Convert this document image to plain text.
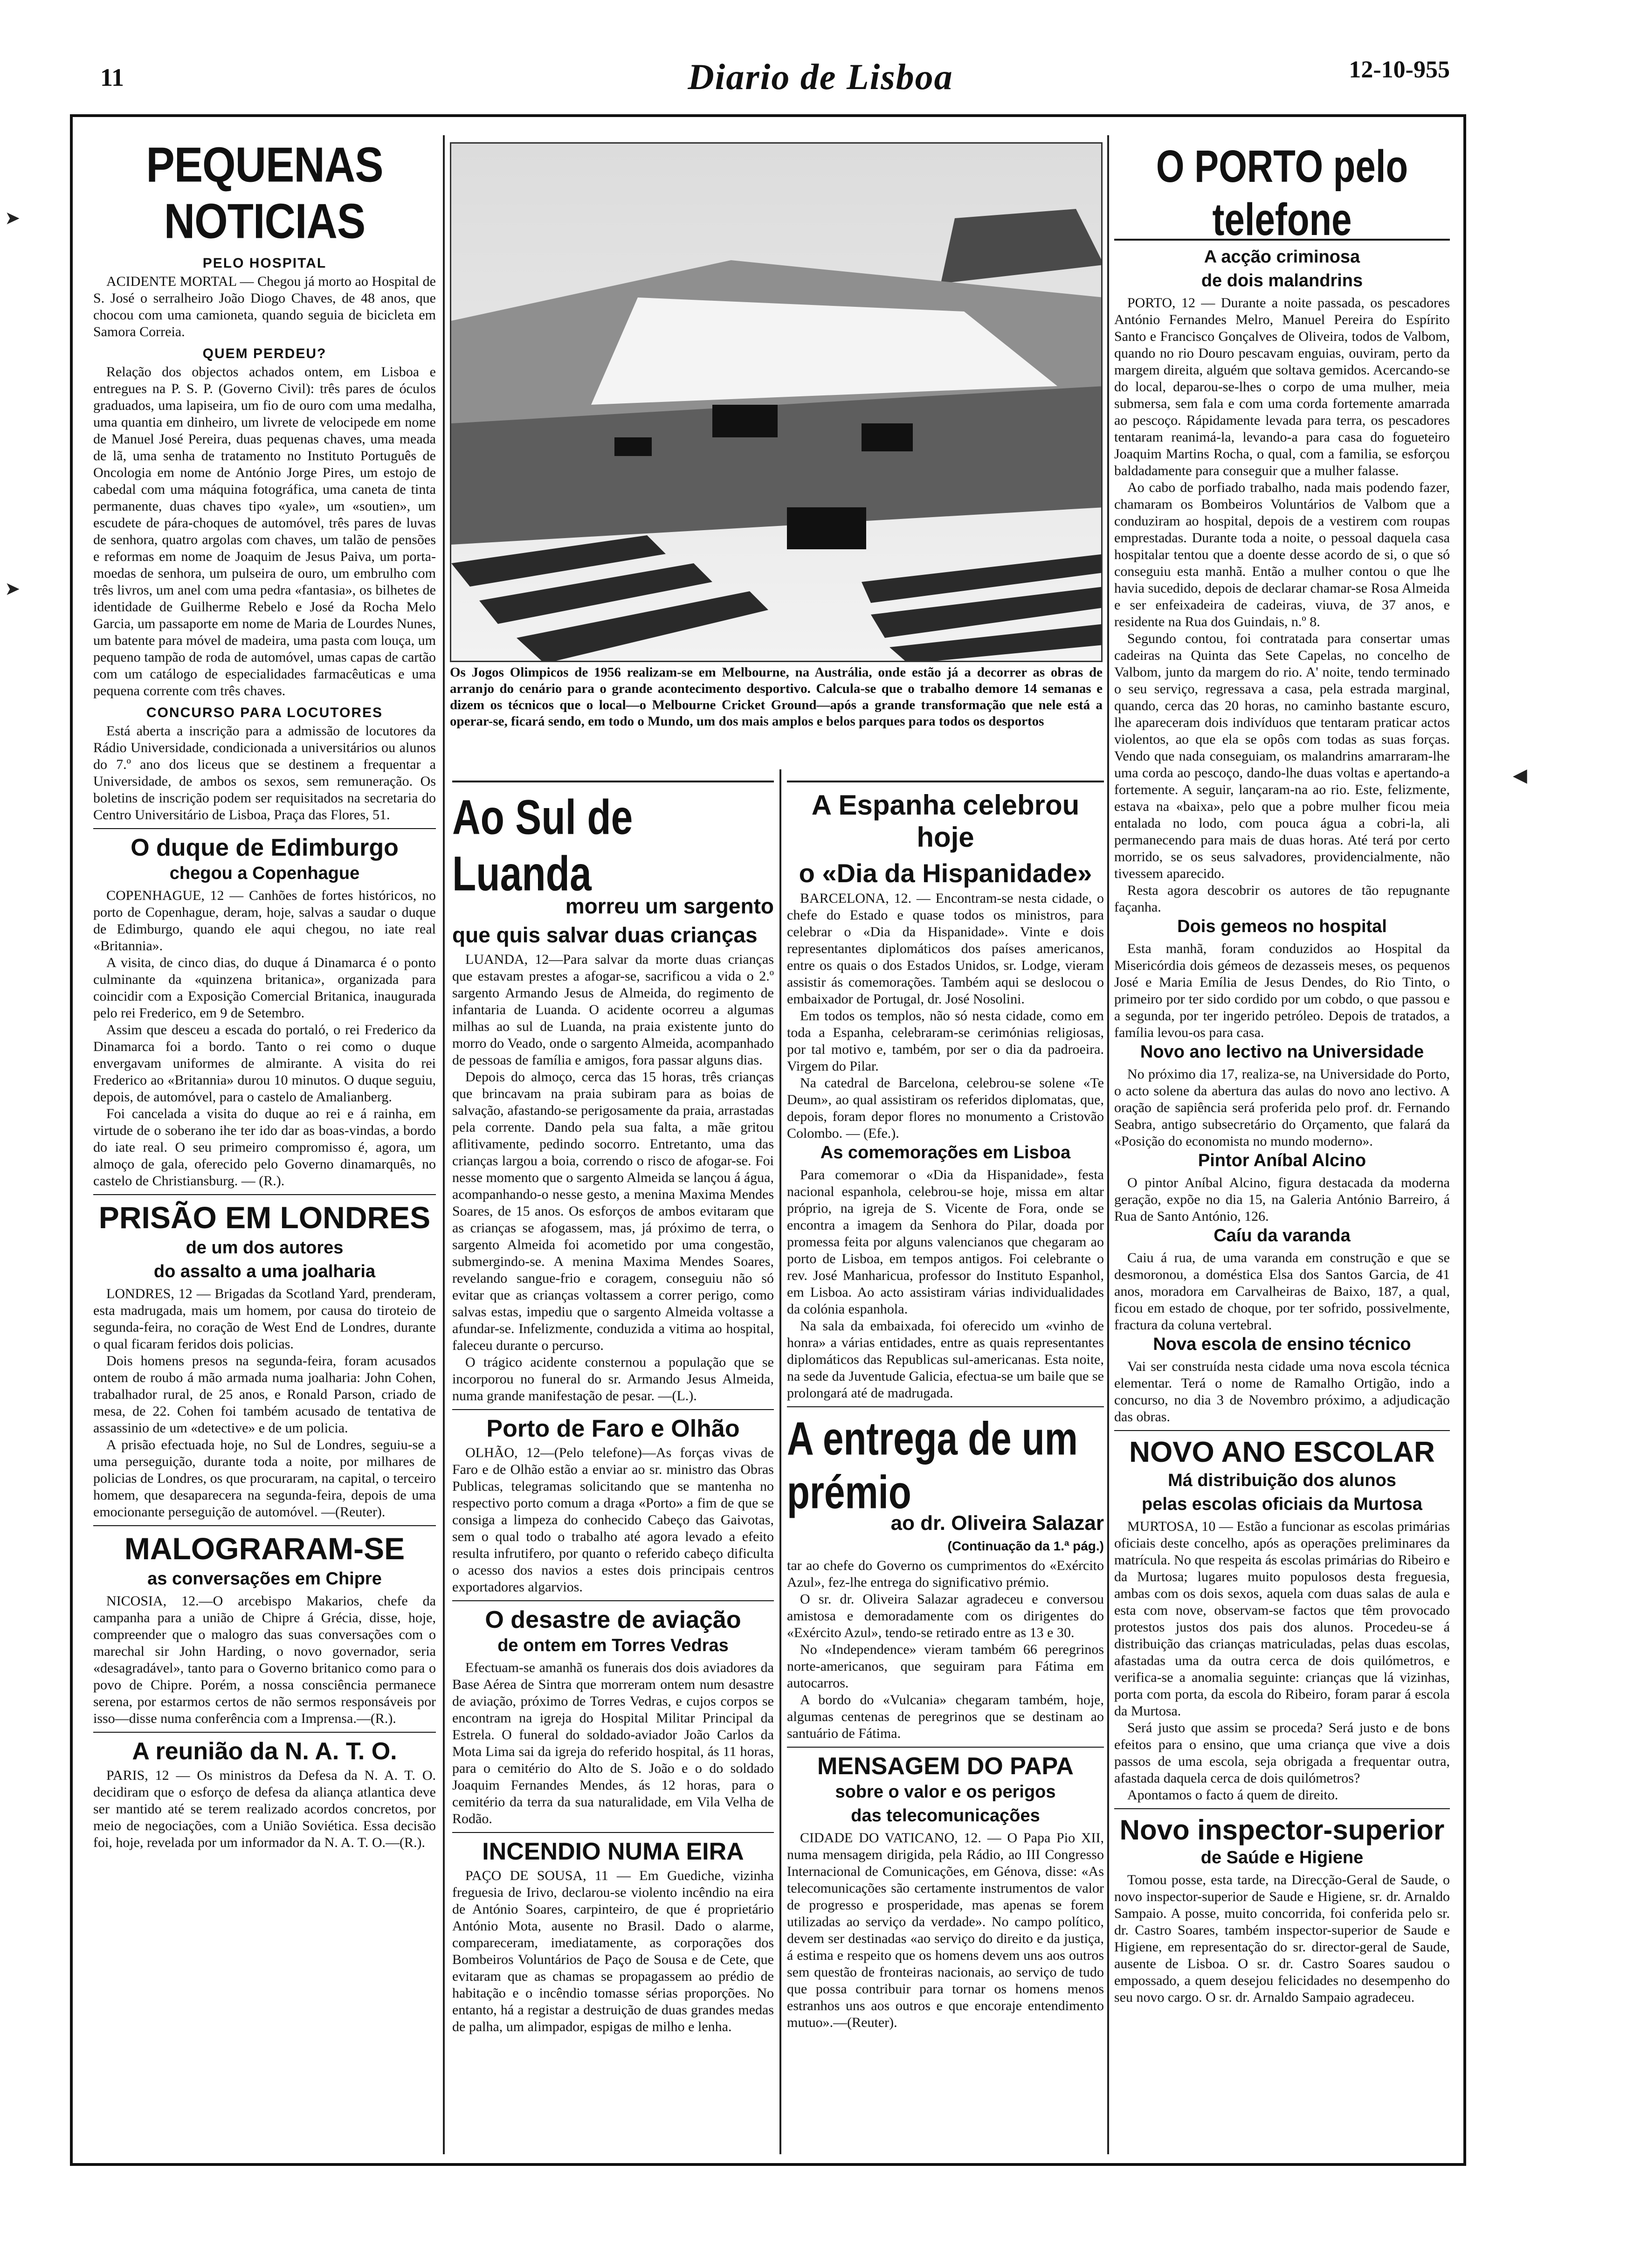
11	Diario de Lisboa	12-10-955
PEQUENAS NOTICIAS
PELO HOSPITAL

ACIDENTE MORTAL — Chegou já morto ao Hospital de S. José o serralheiro João Diogo Chaves, de 48 anos, que chocou com uma camioneta, quando seguia de bicicleta em Samora Correia.

QUEM PERDEU?

Relação dos objectos achados ontem, em Lisboa e entregues na P. S. P. (Governo Civil): três pares de óculos graduados, uma lapiseira, um fio de ouro com uma medalha, uma quantia em dinheiro, um livrete de velocipede em nome de Manuel José Pereira, duas pequenas chaves, uma meada de lã, uma senha de tratamento no Instituto Português de Oncologia em nome de António Jorge Pires, um estojo de cabedal com uma máquina fotográfica, uma caneta de tinta permanente, duas chaves tipo «yale», um «soutien», um escudete de pára-choques de automóvel, três pares de luvas de senhora, quatro argolas com chaves, um talão de pensões e reformas em nome de Joaquim de Jesus Paiva, um porta-moedas de senhora, um pulseira de ouro, um embrulho com três livros, um anel com uma pedra «fantasia», os bilhetes de identidade de Guilherme Rebelo e José da Rocha Melo Garcia, um passaporte em nome de Maria de Lourdes Nunes, um batente para móvel de madeira, uma pasta com louça, um pequeno tampão de roda de automóvel, umas capas de cartão com um catálogo de especialidades farmacêuticas e uma pequena corrente com três chaves.

CONCURSO PARA LOCUTORES

Está aberta a inscrição para a admissão de locutores da Rádio Universidade, condicionada a universitários ou alunos do 7.º ano dos liceus que se destinem a frequentar a Universidade, de ambos os sexos, sem remuneração. Os boletins de inscrição podem ser requisitados na secretaria do Centro Universitário de Lisboa, Praça das Flores, 51.

O duque de Edimburgo
chegou a Copenhague

COPENHAGUE, 12 — Canhões de fortes históricos, no porto de Copenhague, deram, hoje, salvas a saudar o duque de Edimburgo, quando ele aqui chegou, no iate real «Britannia».

A visita, de cinco dias, do duque á Dinamarca é o ponto culminante da «quinzena britanica», organizada para coincidir com a Exposição Comercial Britanica, inaugurada pelo rei Frederico, em 9 de Setembro.

Assim que desceu a escada do portaló, o rei Frederico da Dinamarca foi a bordo. Tanto o rei como o duque envergavam uniformes de almirante. A visita do rei Frederico ao «Britannia» durou 10 minutos. O duque seguiu, depois, de automóvel, para o castelo de Amalianberg.

Foi cancelada a visita do duque ao rei e á rainha, em virtude de o soberano ihe ter ido dar as boas-vindas, a bordo do iate real. O seu primeiro compromisso é, agora, um almoço de gala, oferecido pelo Governo dinamarquês, no castelo de Christiansburg. — (R.).

PRISÃO EM LONDRES
de um dos autores
do assalto a uma joalharia

LONDRES, 12 — Brigadas da Scotland Yard, prenderam, esta madrugada, mais um homem, por causa do tiroteio de segunda-feira, no coração de West End de Londres, durante o qual ficaram feridos dois policias.

Dois homens presos na segunda-feira, foram acusados ontem de roubo á mão armada numa joalharia: John Cohen, trabalhador rural, de 25 anos, e Ronald Parson, criado de mesa, de 22. Cohen foi também acusado de tentativa de assassinio de um «detective» e de um policia.

A prisão efectuada hoje, no Sul de Londres, seguiu-se a uma perseguição, durante toda a noite, por milhares de policias de Londres, os que procuraram, na capital, o terceiro homem, que desaparecera na segunda-feira, depois de uma emocionante perseguição de automóvel. —(Reuter).

MALOGRARAM-SE
as conversações em Chipre

NICOSIA, 12.—O arcebispo Makarios, chefe da campanha para a união de Chipre á Grécia, disse, hoje, compreender que o malogro das suas conversações com o marechal sir John Harding, o novo governador, seria «desagradável», tanto para o Governo britanico como para o povo de Chipre. Porém, a nossa consciência permanece serena, por estarmos certos de não sermos responsáveis por isso—disse numa conferência com a Imprensa.—(R.).

A reunião da N. A. T. O.

PARIS, 12 — Os ministros da Defesa da N. A. T. O. decidiram que o esforço de defesa da aliança atlantica deve ser mantido até se terem realizado acordos concretos, por meio de negociações, com a União Soviética. Essa decisão foi, hoje, revelada por um informador da N. A. T. O.—(R.).

Os Jogos Olimpicos de 1956 realizam-se em Melbourne, na Austrália, onde estão já a decorrer as obras de arranjo do cenário para o grande acontecimento desportivo. Calcula-se que o trabalho demore 14 semanas e dizem os técnicos que o local—o Melbourne Cricket Ground—após a grande transformação que nele está a operar-se, ficará sendo, em todo o Mundo, um dos mais amplos e belos parques para todos os desportos
Ao Sul de Luanda
morreu um sargento
que quis salvar duas crianças

LUANDA, 12—Para salvar da morte duas crianças que estavam prestes a afogar-se, sacrificou a vida o 2.º sargento Armando Jesus de Almeida, do regimento de infantaria de Luanda. O acidente ocorreu a algumas milhas ao sul de Luanda, na praia existente junto do morro do Veado, onde o sargento Almeida, acompanhado de pessoas de família e amigos, fora passar alguns dias.

Depois do almoço, cerca das 15 horas, três crianças que brincavam na praia subiram para as boias de salvação, afastando-se perigosamente da praia, arrastadas pela corrente. Dando pela sua falta, a mãe gritou aflitivamente, pedindo socorro. Entretanto, uma das crianças largou a boia, correndo o risco de afogar-se. Foi nesse momento que o sargento Almeida se lançou á água, acompanhando-o nesse gesto, a menina Maxima Mendes Soares, de 15 anos. Os esforços de ambos evitaram que as crianças se afogassem, mas, já próximo de terra, o sargento Almeida foi acometido por uma congestão, submergindo-se. A menina Maxima Mendes Soares, revelando sangue-frio e coragem, conseguiu não só evitar que as crianças voltassem a correr perigo, como salvas estas, impediu que o sargento Almeida voltasse a afundar-se. Infelizmente, conduzida a vitima ao hospital, faleceu durante o percurso.

O trágico acidente consternou a população que se incorporou no funeral do sr. Armando Jesus Almeida, numa grande manifestação de pesar. —(L.).

Porto de Faro e Olhão

OLHÃO, 12—(Pelo telefone)—As forças vivas de Faro e de Olhão estão a enviar ao sr. ministro das Obras Publicas, telegramas solicitando que se mantenha no respectivo porto comum a draga «Porto» a fim de que se consiga a limpeza do conhecido Cabeço das Gaivotas, sem o qual todo o trabalho até agora levado a efeito resulta infrutifero, por quanto o referido cabeço dificulta o acesso dos navios a estes dois principais centros exportadores algarvios.

O desastre de aviação
de ontem em Torres Vedras

Efectuam-se amanhã os funerais dos dois aviadores da Base Aérea de Sintra que morreram ontem num desastre de aviação, próximo de Torres Vedras, e cujos corpos se encontram na igreja do Hospital Militar Principal da Estrela. O funeral do soldado-aviador João Carlos da Mota Lima sai da igreja do referido hospital, ás 11 horas, para o cemitério do Alto de S. João e o do soldado Joaquim Fernandes Mendes, ás 12 horas, para o cemitério da terra da sua naturalidade, em Vila Velha de Rodão.

INCENDIO NUMA EIRA

PAÇO DE SOUSA, 11 — Em Guediche, vizinha freguesia de Irivo, declarou-se violento incêndio na eira de António Soares, carpinteiro, de que é proprietário António Mota, ausente no Brasil. Dado o alarme, compareceram, imediatamente, as corporações dos Bombeiros Voluntários de Paço de Sousa e de Cete, que evitaram que as chamas se propagassem ao prédio de habitação e o incêndio tomasse sérias proporções. No entanto, há a registar a destruição de duas grandes medas de palha, um alimpador, espigas de milho e lenha.

A Espanha celebrou hoje
o «Dia da Hispanidade»

BARCELONA, 12. — Encontram-se nesta cidade, o chefe do Estado e quase todos os ministros, para celebrar o «Dia da Hispanidade». Vinte e dois representantes diplomáticos dos países americanos, entre os quais o dos Estados Unidos, sr. Lodge, vieram assistir ás comemorações. Também aqui se deslocou o embaixador de Portugal, dr. José Nosolini.

Em todos os templos, não só nesta cidade, como em toda a Espanha, celebraram-se cerimónias religiosas, por tal motivo e, também, por ser o dia da padroeira. Virgem do Pilar.

Na catedral de Barcelona, celebrou-se solene «Te Deum», ao qual assistiram os referidos diplomatas, que, depois, foram depor flores no monumento a Cristovão Colombo. — (Efe.).

As comemorações em Lisboa

Para comemorar o «Dia da Hispanidade», festa nacional espanhola, celebrou-se hoje, missa em altar próprio, na igreja de S. Vicente de Fora, onde se encontra a imagem da Senhora do Pilar, doada por promessa feita por alguns valencianos que chegaram ao porto de Lisboa, em tempos antigos. Foi celebrante o rev. José Manharicua, professor do Instituto Espanhol, em Lisboa. Ao acto assistiram várias individualidades da colónia espanhola.

Na sala da embaixada, foi oferecido um «vinho de honra» a várias entidades, entre as quais representantes diplomáticos das Republicas sul-americanas. Esta noite, na sede da Juventude Galicia, efectua-se um baile que se prolongará até de madrugada.

A entrega de um prémio
ao dr. Oliveira Salazar
(Continuação da 1.ª pág.)

tar ao chefe do Governo os cumprimentos do «Exército Azul», fez-lhe entrega do significativo prémio.

O sr. dr. Oliveira Salazar agradeceu e conversou amistosa e demoradamente com os dirigentes do «Exército Azul», tendo-se retirado entre as 13 e 30.

No «Independence» vieram também 66 peregrinos norte-americanos, que seguiram para Fátima em autocarros.

A bordo do «Vulcania» chegaram também, hoje, algumas centenas de peregrinos que se destinam ao santuário de Fátima.

MENSAGEM DO PAPA
sobre o valor e os perigos
das telecomunicações

CIDADE DO VATICANO, 12. — O Papa Pio XII, numa mensagem dirigida, pela Rádio, ao III Congresso Internacional de Comunicações, em Génova, disse: «As telecomunicações são certamente instrumentos de valor de progresso e prosperidade, mas apenas se forem utilizadas ao serviço da verdade». No campo político, devem ser destinadas «ao serviço do direito e da justiça, á estima e respeito que os homens devem uns aos outros sem questão de fronteiras nacionais, ao serviço de tudo que possa contribuir para tornar os homens menos estranhos uns aos outros e que encoraje entendimento mutuo».—(Reuter).

O PORTO pelo telefone
A acção criminosa
de dois malandrins

PORTO, 12 — Durante a noite passada, os pescadores António Fernandes Melro, Manuel Pereira do Espírito Santo e Francisco Gonçalves de Oliveira, todos de Valbom, quando no rio Douro pescavam enguias, ouviram, perto da margem direita, alguém que soltava gemidos. Acercando-se do local, deparou-se-lhes o corpo de uma mulher, meia submersa, sem fala e com uma corda fortemente amarrada ao pescoço. Rápidamente levada para terra, os pescadores tentaram reanimá-la, levando-a para casa do fogueteiro Joaquim Martins Rocha, o qual, com a familia, se esforçou baldadamente para conseguir que a mulher falasse.

Ao cabo de porfiado trabalho, nada mais podendo fazer, chamaram os Bombeiros Voluntários de Valbom que a conduziram ao hospital, depois de a vestirem com roupas emprestadas. Durante toda a noite, o pessoal daquela casa hospitalar tentou que a doente desse acordo de si, o que só conseguiu esta manhã. Então a mulher contou o que lhe havia sucedido, depois de declarar chamar-se Rosa Almeida e ser enfeixadeira de cadeiras, viuva, de 37 anos, e residente na Rua dos Guindais, n.º 8.

Segundo contou, foi contratada para consertar umas cadeiras na Quinta das Sete Capelas, no concelho de Valbom, junto da margem do rio. A' noite, tendo terminado o seu serviço, regressava a casa, pela estrada marginal, quando, cerca das 20 horas, no caminho bastante escuro, lhe apareceram dois indivíduos que tentaram praticar actos violentos, ao que ela se opôs com todas as suas forças. Vendo que nada conseguiam, os malandrins amarraram-lhe uma corda ao pescoço, dando-lhe duas voltas e apertando-a fortemente. A seguir, lançaram-na ao rio. Este, felizmente, estava na «baixa», pelo que a pobre mulher ficou meia entalada no lodo, com pouca água a cobri-la, ali permanecendo para mais de duas horas. Até terá por certo morrido, se os seus salvadores, providencialmente, não tivessem aparecido.

Resta agora descobrir os autores de tão repugnante façanha.

Dois gemeos no hospital

Esta manhã, foram conduzidos ao Hospital da Misericórdia dois gémeos de dezasseis meses, os pequenos José e Maria Emília de Jesus Dendes, do Rio Tinto, o primeiro por ter sido cordido por um cobdo, o que passou e a segunda, por ter ingerido petróleo. Depois de tratados, a família levou-os para casa.

Novo ano lectivo na Universidade

No próximo dia 17, realiza-se, na Universidade do Porto, o acto solene da abertura das aulas do novo ano lectivo. A oração de sapiência será proferida pelo prof. dr. Fernando Seabra, antigo subsecretário do Orçamento, que falará da «Posição do economista no mundo moderno».

Pintor Aníbal Alcino

O pintor Aníbal Alcino, figura destacada da moderna geração, expõe no dia 15, na Galeria António Barreiro, á Rua de Santo António, 126.

Caíu da varanda

Caiu á rua, de uma varanda em construção e que se desmoronou, a doméstica Elsa dos Santos Garcia, de 41 anos, moradora em Carvalheiras de Baixo, 187, a qual, ficou em estado de choque, por ter sofrido, possivelmente, fractura da coluna vertebral.

Nova escola de ensino técnico

Vai ser construída nesta cidade uma nova escola técnica elementar. Terá o nome de Ramalho Ortigão, indo a concurso, no dia 3 de Novembro próximo, a adjudicação das obras.

NOVO ANO ESCOLAR
Má distribuição dos alunos
pelas escolas oficiais da Murtosa

MURTOSA, 10 — Estão a funcionar as escolas primárias oficiais deste concelho, após as operações preliminares da matrícula. No que respeita ás escolas primárias do Ribeiro e da Murtosa; lugares muito populosos desta freguesia, ambas com os dois sexos, aquela com duas salas de aula e esta com nove, observam-se factos que têm provocado protestos justos dos pais dos alunos. Procedeu-se á distribuição das crianças matriculadas, pelas duas escolas, afastadas uma da outra cerca de dois quilómetros, e verifica-se a anomalia seguinte: crianças que lá vizinhas, porta com porta, da escola do Ribeiro, foram parar á escola da Murtosa.

Será justo que assim se proceda? Será justo e de bons efeitos para o ensino, que uma criança que vive a dois passos de uma escola, seja obrigada a frequentar outra, afastada daquela cerca de dois quilómetros?

Apontamos o facto á quem de direito.

Novo inspector-superior
de Saúde e Higiene

Tomou posse, esta tarde, na Direcção-Geral de Saude, o novo inspector-superior de Saude e Higiene, sr. dr. Arnaldo Sampaio. A posse, muito concorrida, foi conferida pelo sr. dr. Castro Soares, também inspector-superior de Saude e Higiene, em representação do sr. director-geral de Saude, ausente de Lisboa. O sr. dr. Castro Soares saudou o empossado, a quem desejou felicidades no desempenho do seu novo cargo. O sr. dr. Arnaldo Sampaio agradeceu.

➤
➤
◀
